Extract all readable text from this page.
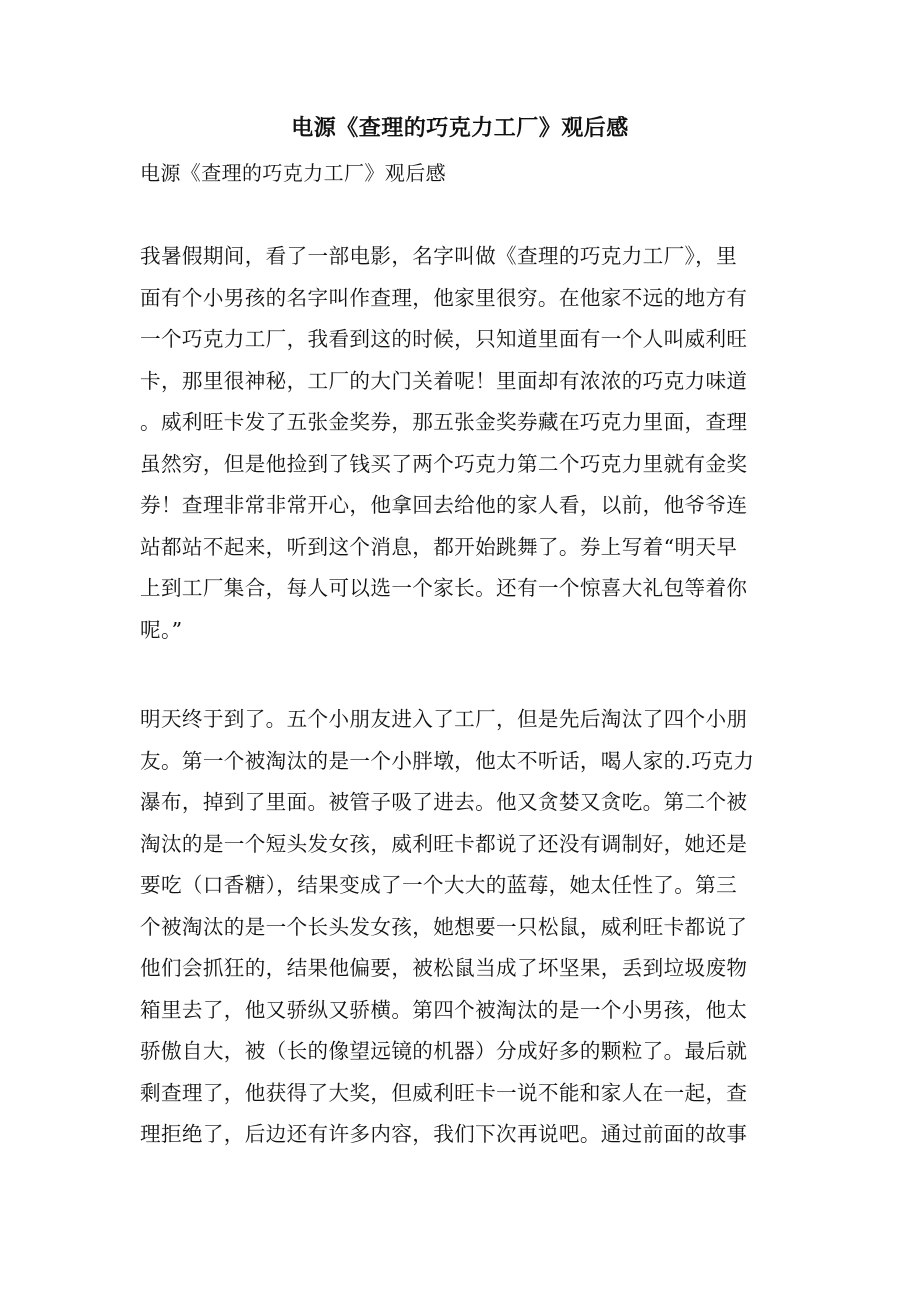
电源《查理的巧克力工厂》观后感
电源《查理的巧克力工厂》观后感
我暑假期间，看了一部电影，名字叫做《查理的巧克力工厂》，里
面有个小男孩的名字叫作查理，他家里很穷。在他家不远的地方有
一个巧克力工厂，我看到这的时候，只知道里面有一个人叫威利旺
卡，那里很神秘，工厂的大门关着呢！里面却有浓浓的巧克力味道
。威利旺卡发了五张金奖券，那五张金奖券藏在巧克力里面，查理
虽然穷，但是他捡到了钱买了两个巧克力第二个巧克力里就有金奖
券！查理非常非常开心，他拿回去给他的家人看，以前，他爷爷连
站都站不起来，听到这个消息，都开始跳舞了。券上写着“明天早
上到工厂集合，每人可以选一个家长。还有一个惊喜大礼包等着你
呢。”
明天终于到了。五个小朋友进入了工厂，但是先后淘汰了四个小朋
友。第一个被淘汰的是一个小胖墩，他太不听话，喝人家的.巧克力
瀑布，掉到了里面。被管子吸了进去。他又贪婪又贪吃。第二个被
淘汰的是一个短头发女孩，威利旺卡都说了还没有调制好，她还是
要吃（口香糖），结果变成了一个大大的蓝莓，她太任性了。第三
个被淘汰的是一个长头发女孩，她想要一只松鼠，威利旺卡都说了
他们会抓狂的，结果他偏要，被松鼠当成了坏坚果，丢到垃圾废物
箱里去了，他又骄纵又骄横。第四个被淘汰的是一个小男孩，他太
骄傲自大，被（长的像望远镜的机器）分成好多的颗粒了。最后就
剩查理了，他获得了大奖，但威利旺卡一说不能和家人在一起，查
理拒绝了，后边还有许多内容，我们下次再说吧。通过前面的故事
